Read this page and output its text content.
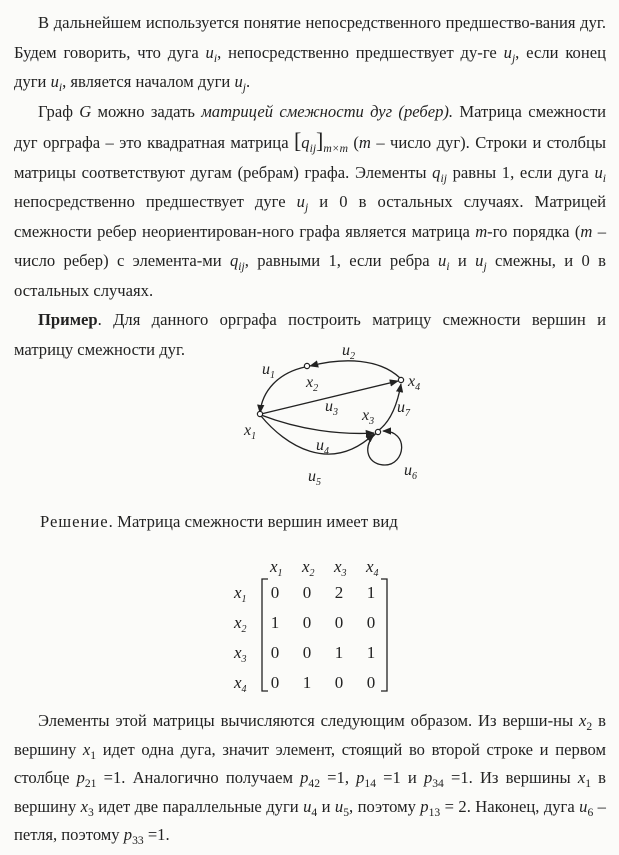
В дальнейшем используется понятие непосредственного предшество-вания дуг. Будем говорить, что дуга $u_i$, непосредственно предшествует ду-ге $u_j$, если конец дуги $u_i$, является началом дуги $u_j$.

Граф G можно задать матрицей смежности дуг (ребер). Матрица смежности дуг орграфа – это квадратная матрица $[q_{ij}]_{m\times m}$ (m – число дуг). Строки и столбцы матрицы соответствуют дугам (ребрам) графа. Элементы $q_{ij}$ равны 1, если дуга $u_i$ непосредственно предшествует дуге $u_j$ и 0 в остальных случаях. Матрицей смежности ребер неориентирован-ного графа является матрица m-го порядка (m – число ребер) с элемента-ми $q_{ij}$, равными 1, если ребра $u_i$ и $u_j$ смежны, и 0 в остальных случаях.

Пример. Для данного орграфа построить матрицу смежности вершин и матрицу смежности дуг.

$x_1$
$x_2$
$x_3$
$x_4$
$u_1$
$u_2$
$u_3$
$u_4$
$u_5$
$u_6$
$u_7$
Решение. Матрица смежности вершин имеет вид
$x_1$ $x_2$ $x_3$ $x_4$
$x_1$
$x_2$
$x_3$
$x_4$
0 0 2 1
1 0 0 0
0 0 1 1
0 1 0 0

Элементы этой матрицы вычисляются следующим образом. Из верши-ны $x_2$ в вершину $x_1$ идет одна дуга, значит элемент, стоящий во второй строке и первом столбце $p_{21} =1$. Аналогично получаем $p_{42} =1$, $p_{14} =1$ и $p_{34} =1$. Из вершины $x_1$ в вершину $x_3$ идет две параллельные дуги $u_4$ и $u_5$, поэтому $p_{13} = 2$. Наконец, дуга $u_6$ – петля, поэтому $p_{33} =1$.
